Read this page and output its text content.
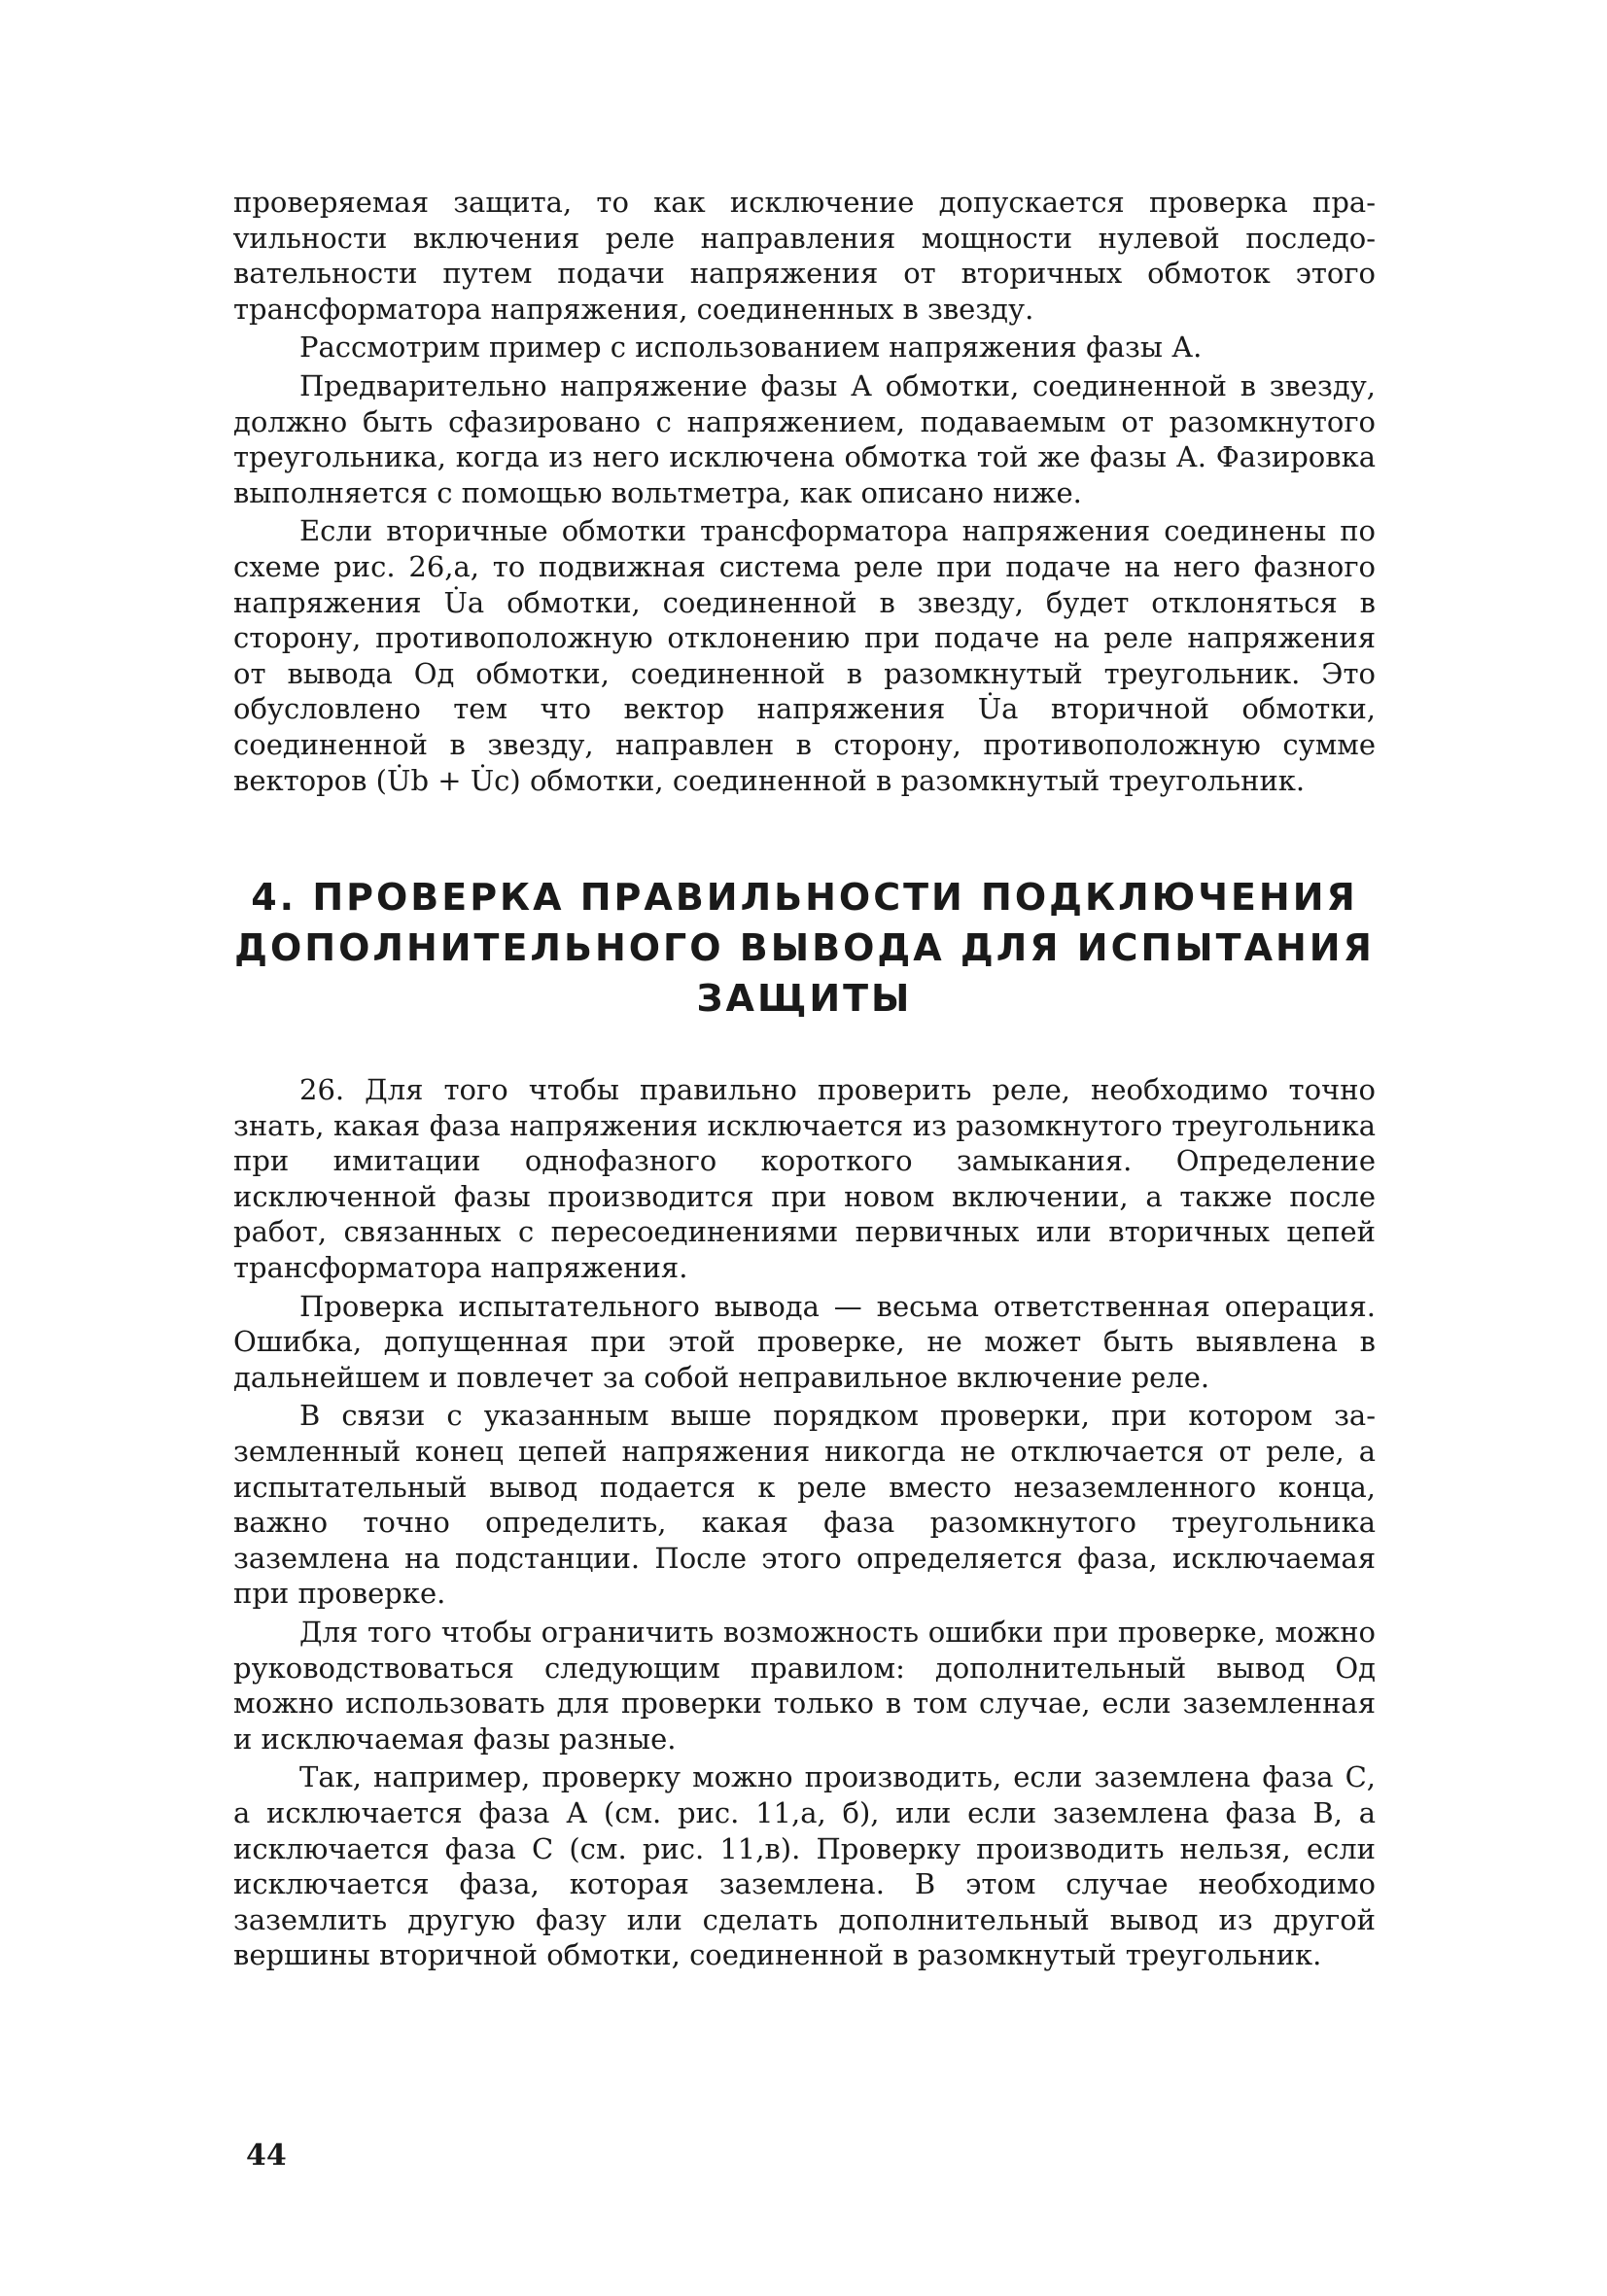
проверяемая защита, то как исключение допускается проверка праvильности включения реле направления мощности нулевой последовательности путем подачи напряжения от вторичных обмоток этого трансформатора напряжения, соединенных в звезду.

Рассмотрим пример с использованием напряжения фазы А.

Предварительно напряжение фазы А обмотки, соединенной в звезду, должно быть сфазировано с напряжением, подаваемым от разомкнутого треугольника, когда из него исключена обмотка той же фазы А. Фазировка выполняется с помощью вольтметра, как описано ниже.

Если вторичные обмотки трансформатора напряжения соединены по схеме рис. 26,а, то подвижная система реле при подаче на него фазного напряжения U̇а обмотки, соединенной в звезду, будет отклоняться в сторону, противоположную отклонению при подаче на реле напряжения от вывода Од обмотки, соединенной в разомкнутый треугольник. Это обусловлено тем что вектор напряжения U̇а вторичной обмотки, соединенной в звезду, направлен в сторону, противоположную сумме векторов (U̇b + U̇c) обмотки, соединенной в разомкнутый треугольник.

4. ПРОВЕРКА ПРАВИЛЬНОСТИ ПОДКЛЮЧЕНИЯ
ДОПОЛНИТЕЛЬНОГО ВЫВОДА ДЛЯ ИСПЫТАНИЯ
ЗАЩИТЫ

26. Для того чтобы правильно проверить реле, необходимо точно знать, какая фаза напряжения исключается из разомкнутого треугольника при имитации однофазного короткого замыкания. Определение исключенной фазы производится при новом включении, а также после работ, связанных с пересоединениями первичных или вторичных цепей трансформатора напряжения.

Проверка испытательного вывода — весьма ответственная операция. Ошибка, допущенная при этой проверке, не может быть выявлена в дальнейшем и повлечет за собой неправильное включение реле.

В связи с указанным выше порядком проверки, при котором заземленный конец цепей напряжения никогда не отключается от реле, а испытательный вывод подается к реле вместо незаземленного конца, важно точно определить, какая фаза разомкнутого треугольника заземлена на подстанции. После этого определяется фаза, исключаемая при проверке.

Для того чтобы ограничить возможность ошибки при проверке, можно руководствоваться следующим правилом: дополнительный вывод Од можно использовать для проверки только в том случае, если заземленная и исключаемая фазы разные.

Так, например, проверку можно производить, если заземлена фаза С, а исключается фаза А (см. рис. 11,а, б), или если заземлена фаза В, а исключается фаза С (см. рис. 11,в). Проверку производить нельзя, если исключается фаза, которая заземлена. В этом случае необходимо заземлить другую фазу или сделать дополнительный вывод из другой вершины вторичной обмотки, соединенной в разомкнутый треугольник.

44
